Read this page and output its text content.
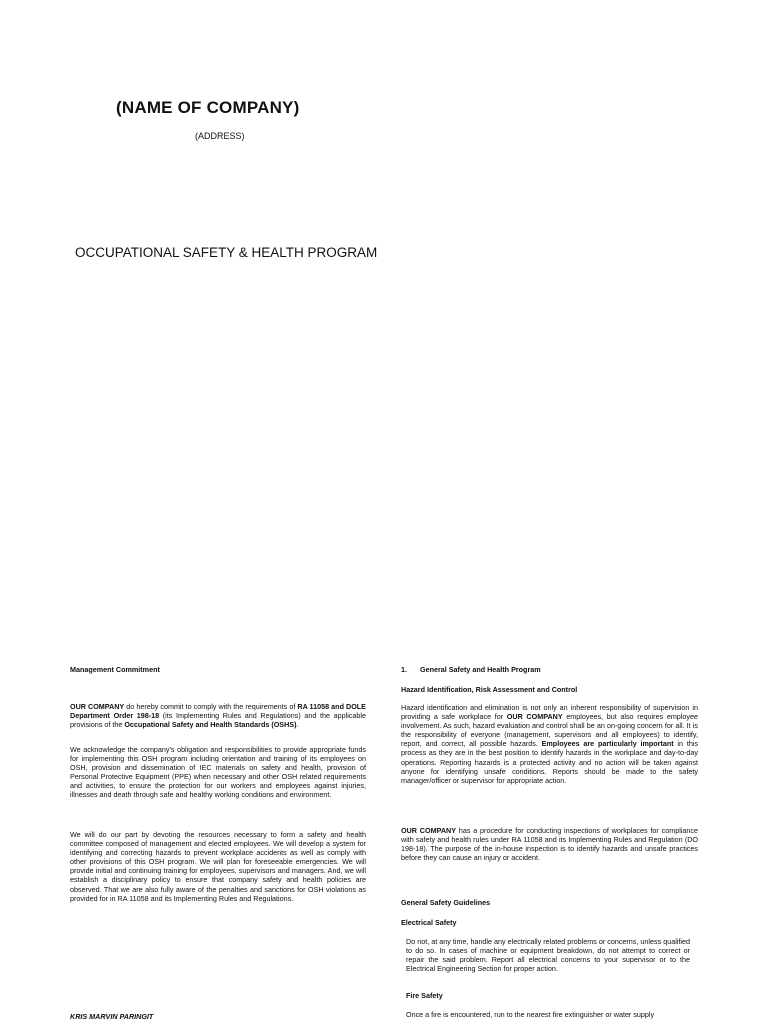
(NAME OF COMPANY)
(ADDRESS)
OCCUPATIONAL SAFETY & HEALTH PROGRAM
Management Commitment

OUR COMPANY do hereby commit to comply with the requirements of RA 11058 and DOLE Department Order 198-18 (its Implementing Rules and Regulations) and the applicable provisions of the Occupational Safety and Health Standards (OSHS).

We acknowledge the company's obligation and responsibilities to provide appropriate funds for implementing this OSH program including orientation and training of its employees on OSH, provision and dissemination of IEC materials on safety and health, provision of Personal Protective Equipment (PPE) when necessary and other OSH related requirements and activities, to ensure the protection for our workers and employees against injuries, illnesses and death through safe and healthy working conditions and environment.

We will do our part by devoting the resources necessary to form a safety and health committee composed of management and elected employees. We will develop a system for identifying and correcting hazards to prevent workplace accidents as well as comply with other provisions of this OSH program. We will plan for foreseeable emergencies. We will provide initial and continuing training for employees, supervisors and managers. And, we will establish a disciplinary policy to ensure that company safety and health policies are observed. That we are also fully aware of the penalties and sanctions for OSH violations as provided for in RA 11058 and its Implementing Rules and Regulations.

KRIS MARVIN PARINGIT
1. General Safety and Health Program
Hazard Identification, Risk Assessment and Control

Hazard identification and elimination is not only an inherent responsibility of supervision in providing a safe workplace for OUR COMPANY employees, but also requires employee involvement. As such, hazard evaluation and control shall be an on-going concern for all. It is the responsibility of everyone (management, supervisors and all employees) to identify, report, and correct, all possible hazards. Employees are particularly important in this process as they are in the best position to identify hazards in the workplace and day-to-day operations. Reporting hazards is a protected activity and no action will be taken against anyone for identifying unsafe conditions. Reports should be made to the safety manager/officer or supervisor for appropriate action.

OUR COMPANY has a procedure for conducting inspections of workplaces for compliance with safety and health rules under RA 11058 and its Implementing Rules and Regulation (DO 198-18). The purpose of the in-house inspection is to identify hazards and unsafe practices before they can cause an injury or accident.

General Safety Guidelines
Electrical Safety

Do not, at any time, handle any electrically related problems or concerns, unless qualified to do so. In cases of machine or equipment breakdown, do not attempt to correct or repair the said problem. Report all electrical concerns to your supervisor or to the Electrical Engineering Section for proper action.

Fire Safety

Once a fire is encountered, run to the nearest fire extinguisher or water supply
